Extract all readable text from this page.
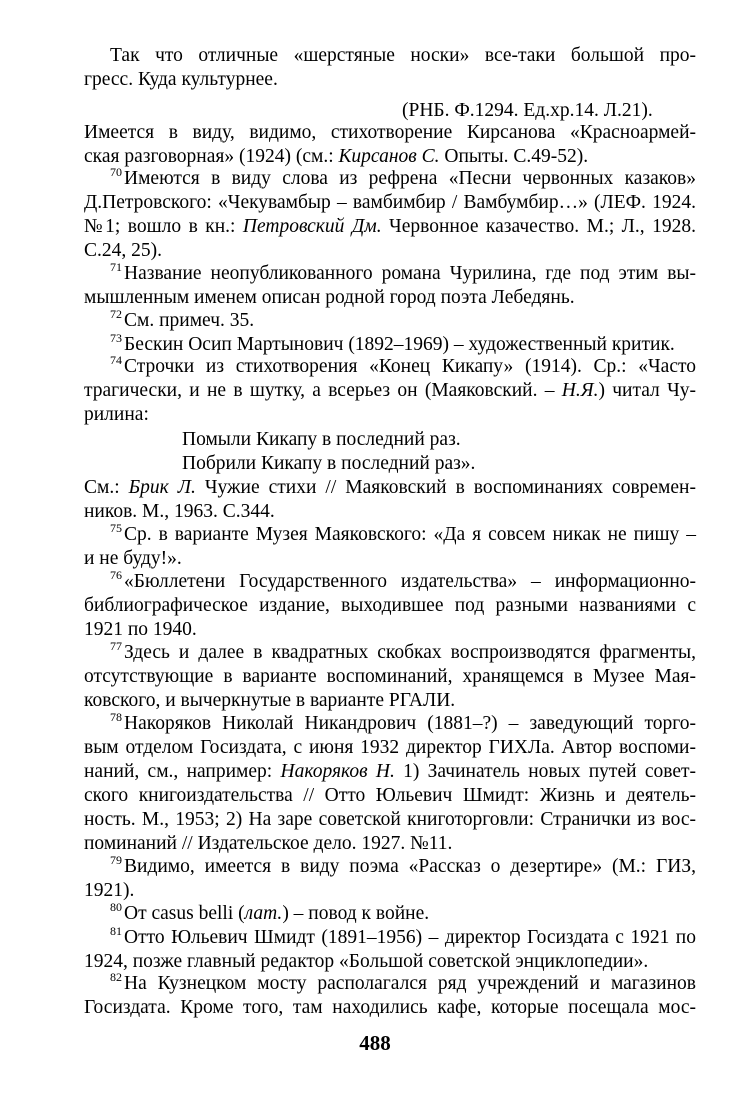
Так что отличные «шерстяные носки» все-таки большой про-
гресс. Куда культурнее.
(РНБ. Ф.1294. Ед.хр.14. Л.21).
Имеется в виду, видимо, стихотворение Кирсанова «Красноармей-
ская разговорная» (1924) (см.: Кирсанов С. Опыты. С.49-52).
$^{70}$ Имеются в виду слова из рефрена «Песни червонных казаков»
Д.Петровского: «Чекувамбыр – вамбимбир / Вамбумбир…» (ЛЕФ. 1924.
№1; вошло в кн.: Петровский Дм. Червонное казачество. М.; Л., 1928.
С.24, 25).
$^{71}$ Название неопубликованного романа Чурилина, где под этим вы-
мышленным именем описан родной город поэта Лебедянь.
$^{72}$ См. примеч. 35.
$^{73}$ Бескин Осип Мартынович (1892–1969) – художественный критик.
$^{74}$ Строчки из стихотворения «Конец Кикапу» (1914). Ср.: «Часто
трагически, и не в шутку, а всерьез он (Маяковский. – Н.Я.) читал Чу-
рилина:
Помыли Кикапу в последний раз.
Побрили Кикапу в последний раз».
См.: Брик Л. Чужие стихи // Маяковский в воспоминаниях современ-
ников. М., 1963. С.344.
$^{75}$ Ср. в варианте Музея Маяковского: «Да я совсем никак не пишу –
и не буду!».
$^{76}$ «Бюллетени Государственного издательства» – информационно-
библиографическое издание, выходившее под разными названиями с
1921 по 1940.
$^{77}$ Здесь и далее в квадратных скобках воспроизводятся фрагменты,
отсутствующие в варианте воспоминаний, хранящемся в Музее Мая-
ковского, и вычеркнутые в варианте РГАЛИ.
$^{78}$ Накоряков Николай Никандрович (1881–?) – заведующий торго-
вым отделом Госиздата, с июня 1932 директор ГИХЛа. Автор воспоми-
наний, см., например: Накоряков Н. 1) Зачинатель новых путей совет-
ского книгоиздательства // Отто Юльевич Шмидт: Жизнь и деятель-
ность. М., 1953; 2) На заре советской книготорговли: Странички из вос-
поминаний // Издательское дело. 1927. №11.
$^{79}$ Видимо, имеется в виду поэма «Рассказ о дезертире» (М.: ГИЗ,
1921).
$^{80}$ От casus belli (лат.) – повод к войне.
$^{81}$ Отто Юльевич Шмидт (1891–1956) – директор Госиздата с 1921 по
1924, позже главный редактор «Большой советской энциклопедии».
$^{82}$ На Кузнецком мосту располагался ряд учреждений и магазинов
Госиздата. Кроме того, там находились кафе, которые посещала мос-
488
